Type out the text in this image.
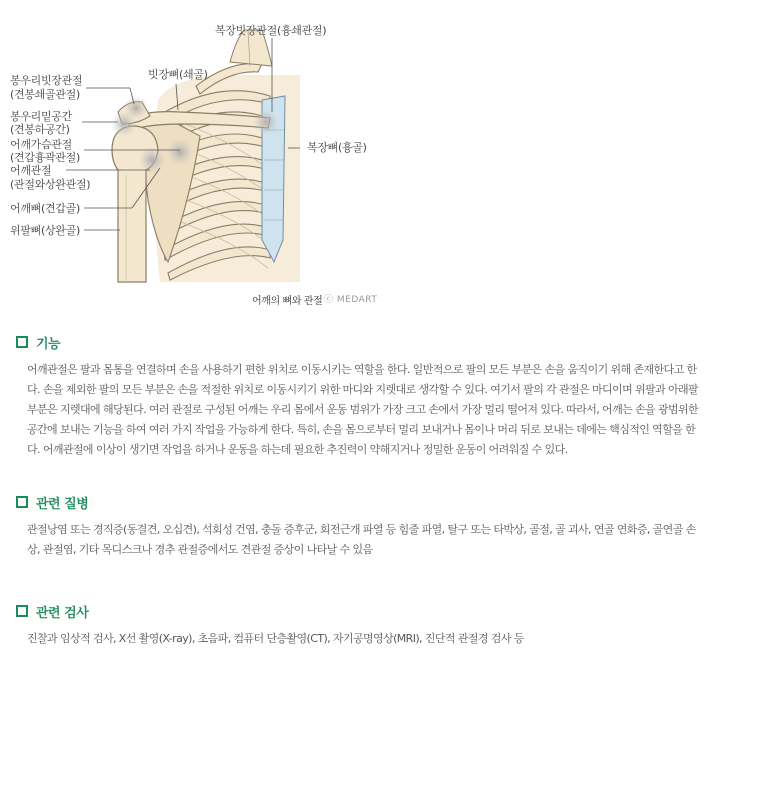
복장빗장관절(흉쇄관절)
봉우리빗장관절
(견봉쇄골관절)
빗장뼈(쇄골)
봉우리밑공간
(견봉하공간)
어깨가슴관절
(견갑흉곽관절)
어깨관절
(관절와상완관절)
복장뼈(흉골)
어깨뼈(견갑골)
위팔뼈(상완골)
어깨의 뼈와 관절 ⓒ MEDART
기능
어깨관절은 팔과 몸통을 연결하며 손을 사용하기 편한 위치로 이동시키는 역할을 한다. 일반적으로 팔의 모든 부분은 손을 움직이기 위해 존재한다고 한다. 손을 제외한 팔의 모든 부분은 손을 적절한 위치로 이동시키기 위한 마디와 지렛대로 생각할 수 있다. 여기서 팔의 각 관절은 마디이며 위팔과 아래팔 부분은 지렛대에 해당된다. 여러 관절로 구성된 어깨는 우리 몸에서 운동 범위가 가장 크고 손에서 가장 멀리 떨어져 있다. 따라서, 어깨는 손을 광범위한 공간에 보내는 기능을 하여 여러 가지 작업을 가능하게 한다. 특히, 손을 몸으로부터 멀리 보내거나 몸이나 머리 뒤로 보내는 데에는 핵심적인 역할을 한다. 어깨관절에 이상이 생기면 작업을 하거나 운동을 하는데 필요한 추진력이 약해지거나 정밀한 운동이 어려워질 수 있다.
관련 질병
관절낭염 또는 경직증(동결견, 오십견), 석회성 건염, 충돌 증후군, 회전근개 파열 등 힘줄 파열, 탈구 또는 타박상, 골절, 골 괴사, 연골 연화증, 골연골 손상, 관절염, 기타 목디스크나 경추 관절증에서도 견관절 증상이 나타날 수 있음
관련 검사
진찰과 임상적 검사, X선 촬영(X-ray), 초음파, 컴퓨터 단층촬영(CT), 자기공명영상(MRI), 진단적 관절경 검사 등
